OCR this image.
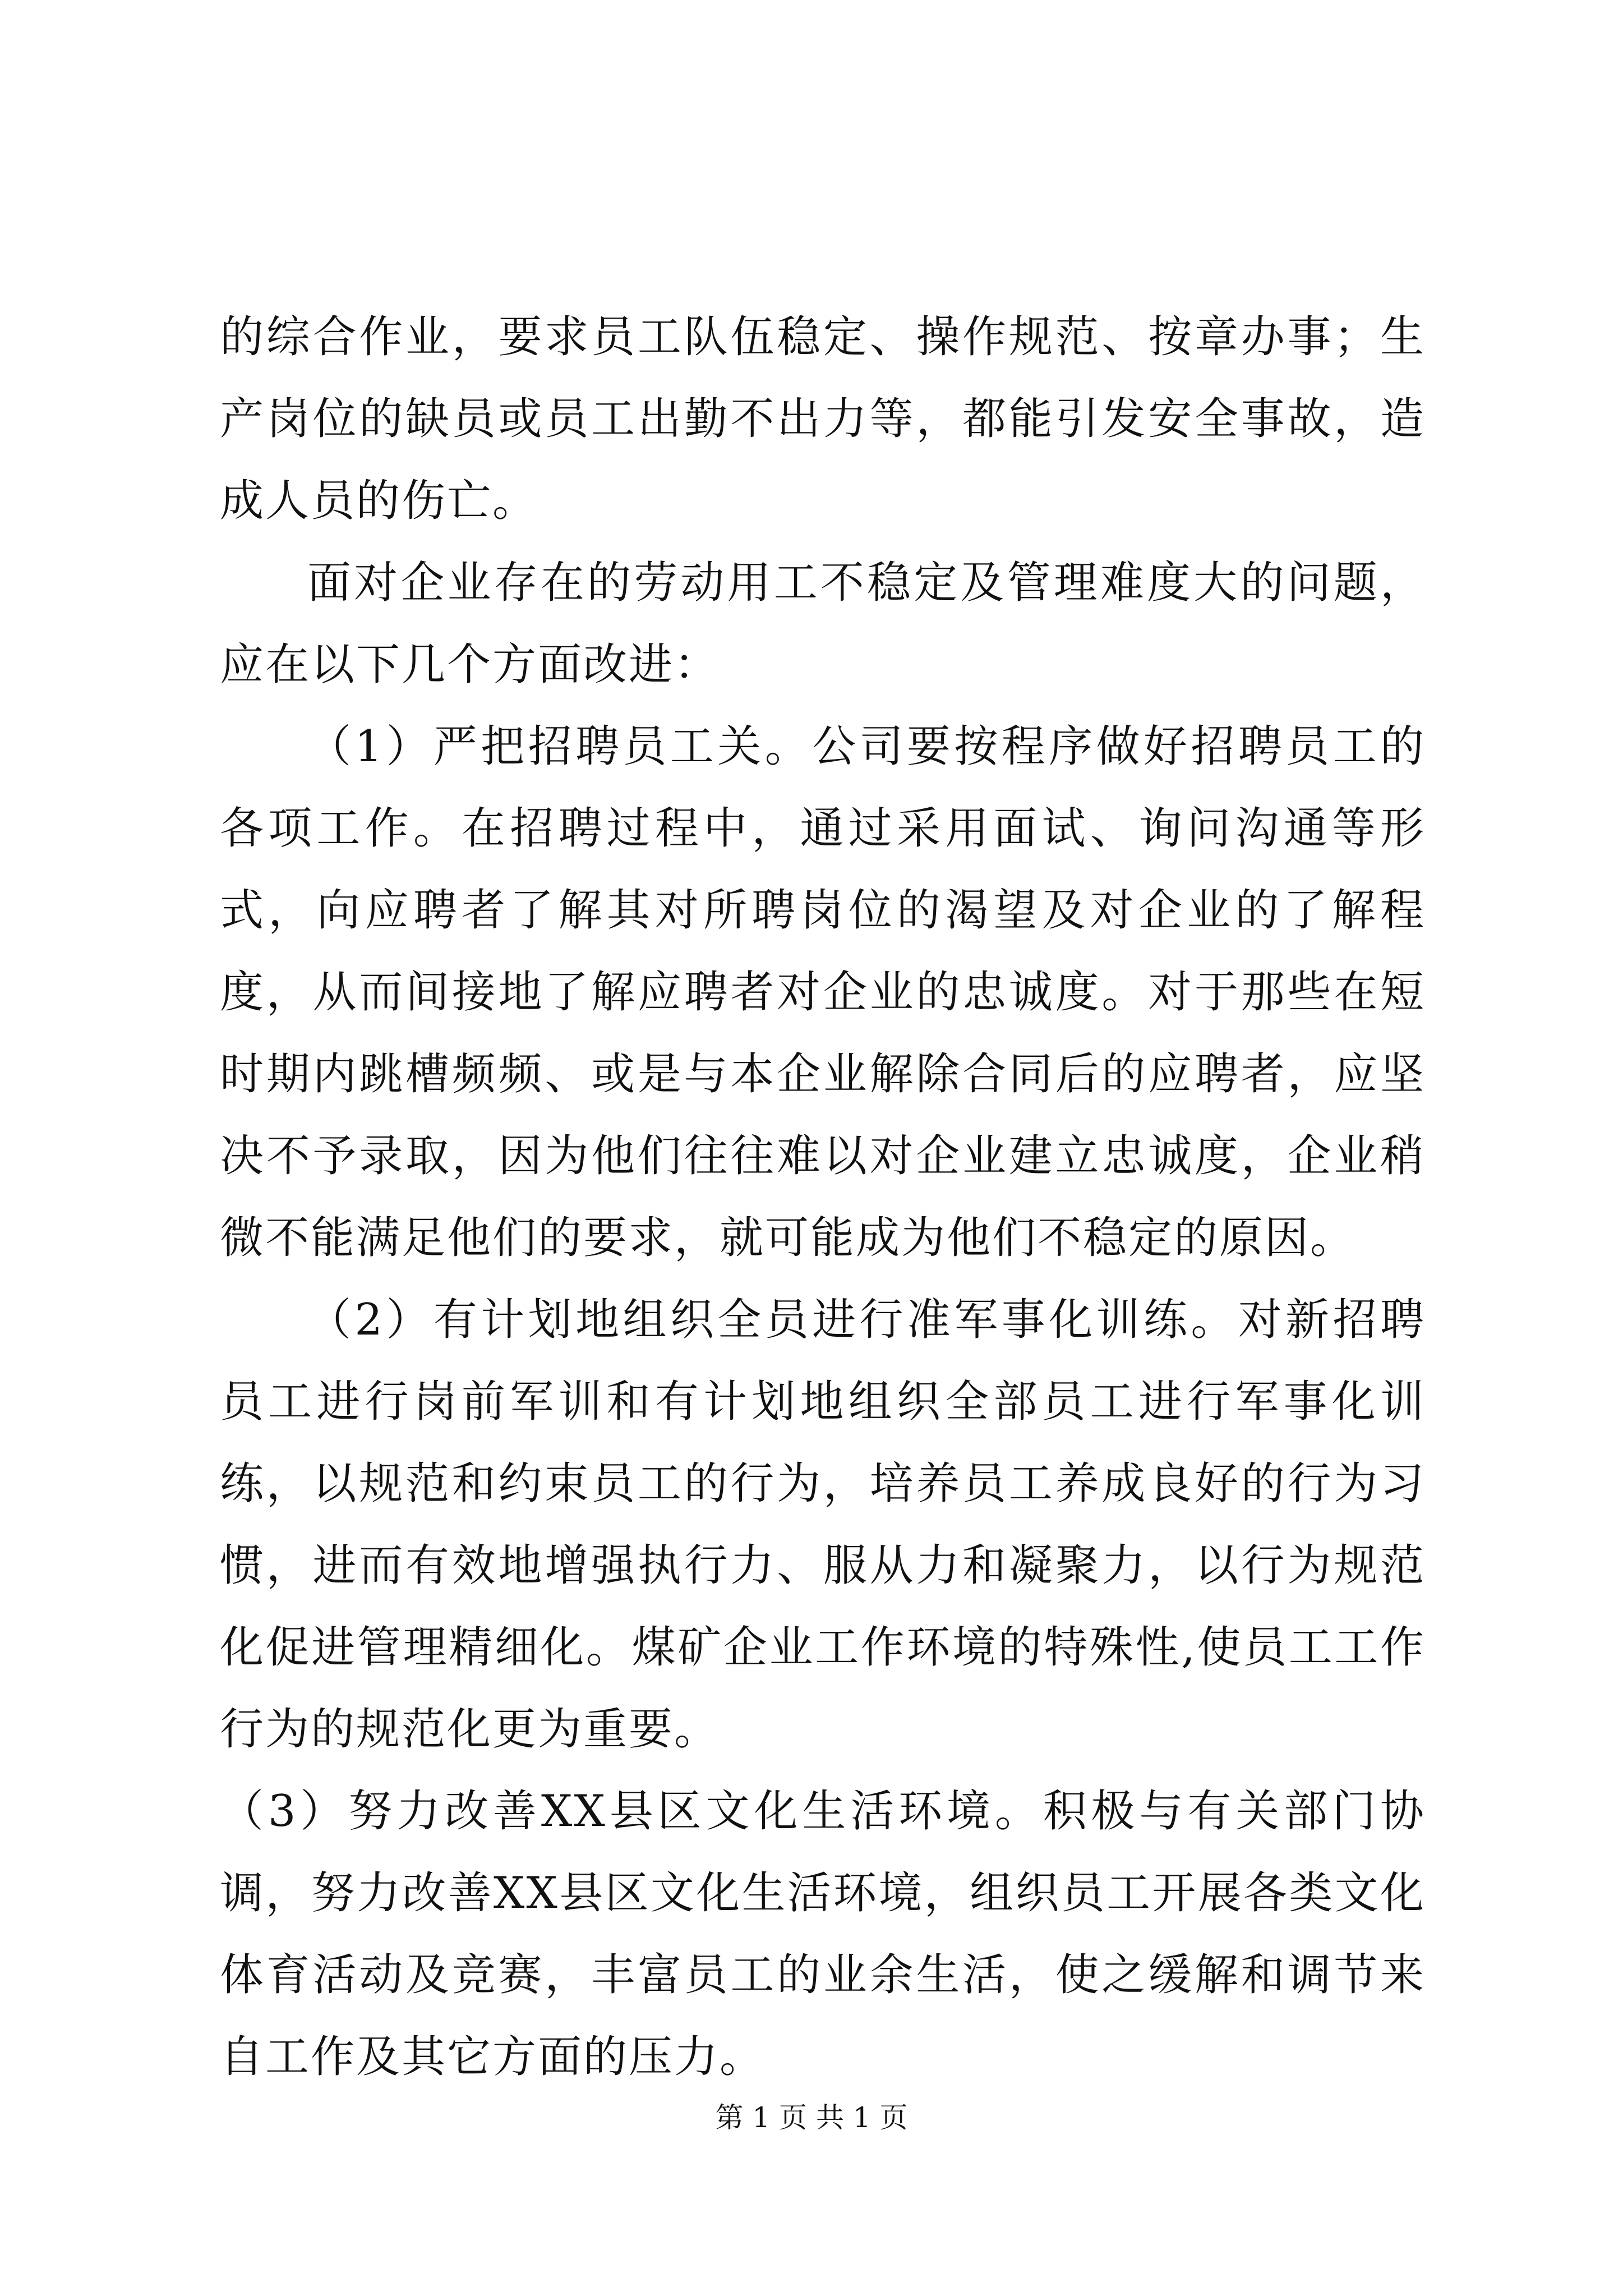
的综合作业，要求员工队伍稳定、操作规范、按章办事；生产岗位的缺员或员工出勤不出力等，都能引发安全事故，造成人员的伤亡。

面对企业存在的劳动用工不稳定及管理难度大的问题，应在以下几个方面改进：

（1）严把招聘员工关。公司要按程序做好招聘员工的各项工作。在招聘过程中，通过采用面试、询问沟通等形式，向应聘者了解其对所聘岗位的渴望及对企业的了解程度，从而间接地了解应聘者对企业的忠诚度。对于那些在短时期内跳槽频频、或是与本企业解除合同后的应聘者，应坚决不予录取，因为他们往往难以对企业建立忠诚度，企业稍微不能满足他们的要求，就可能成为他们不稳定的原因。

（2）有计划地组织全员进行准军事化训练。对新招聘员工进行岗前军训和有计划地组织全部员工进行军事化训练，以规范和约束员工的行为，培养员工养成良好的行为习惯，进而有效地增强执行力、服从力和凝聚力，以行为规范化促进管理精细化。煤矿企业工作环境的特殊性,使员工工作行为的规范化更为重要。

（3）努力改善XX县区文化生活环境。积极与有关部门协调，努力改善XX县区文化生活环境，组织员工开展各类文化体育活动及竞赛，丰富员工的业余生活，使之缓解和调节来自工作及其它方面的压力。

第 1 页 共 1 页
